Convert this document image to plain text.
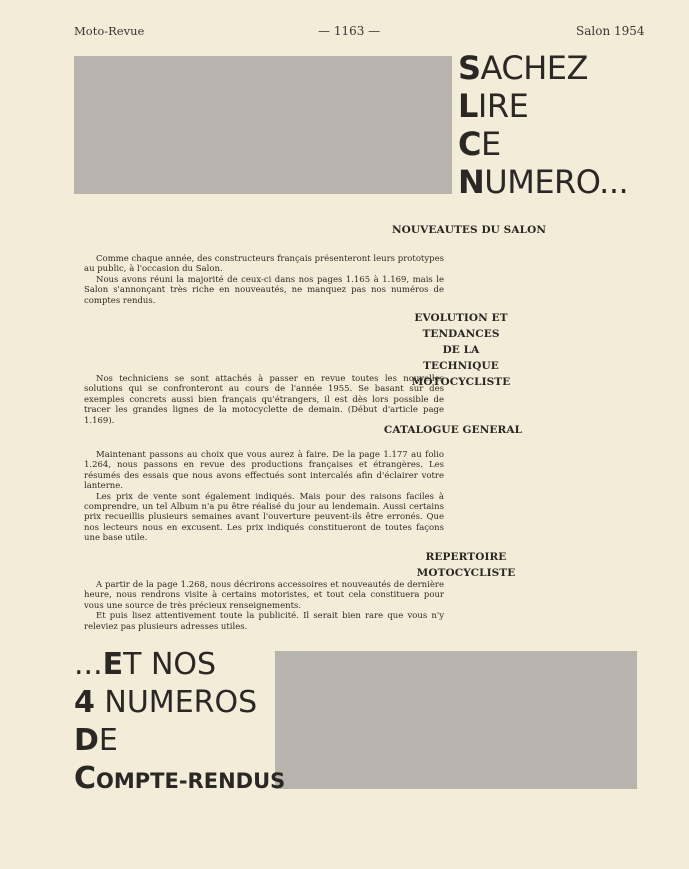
Moto-Revue	— 1163 —	Salon 1954
SACHEZ
LIRE
CE
NUMERO...
NOUVEAUTES DU SALON

Comme chaque année, des constructeurs français présenteront leurs prototypes au public, à l'occasion du Salon.

Nous avons réuni la majorité de ceux-ci dans nos pages 1.165 à 1.169, mais le Salon s'annonçant très riche en nouveautés, ne manquez pas nos numéros de comptes rendus.

EVOLUTION ET TENDANCES
DE LA
TECHNIQUE MOTOCYCLISTE

Nos techniciens se sont attachés à passer en revue toutes les nouvelles solutions qui se confronteront au cours de l'année 1955. Se basant sur des exemples concrets aussi bien français qu'étrangers, il est dès lors possible de tracer les grandes lignes de la motocyclette de demain. (Début d'article page 1.169).

CATALOGUE GENERAL

Maintenant passons au choix que vous aurez à faire. De la page 1.177 au folio 1.264, nous passons en revue des productions françaises et étrangères. Les résumés des essais que nous avons effectués sont intercalés afin d'éclairer votre lanterne.

Les prix de vente sont également indiqués. Mais pour des raisons faciles à comprendre, un tel Album n'a pu être réalisé du jour au lendemain. Aussi certains prix recueillis plusieurs semaines avant l'ouverture peuvent-ils être erronés. Que nos lecteurs nous en excusent. Les prix indiqués constitueront de toutes façons une base utile.

REPERTOIRE MOTOCYCLISTE

A partir de la page 1.268, nous décrirons accessoires et nouveautés de dernière heure, nous rendrons visite à certains motoristes, et tout cela constituera pour vous une source de très précieux renseignements.

Et puis lisez attentivement toute la publicité. Il serait bien rare que vous n'y releviez pas plusieurs adresses utiles.

...ET NOS
4 NUMEROS
DE
COMPTE-RENDUS
